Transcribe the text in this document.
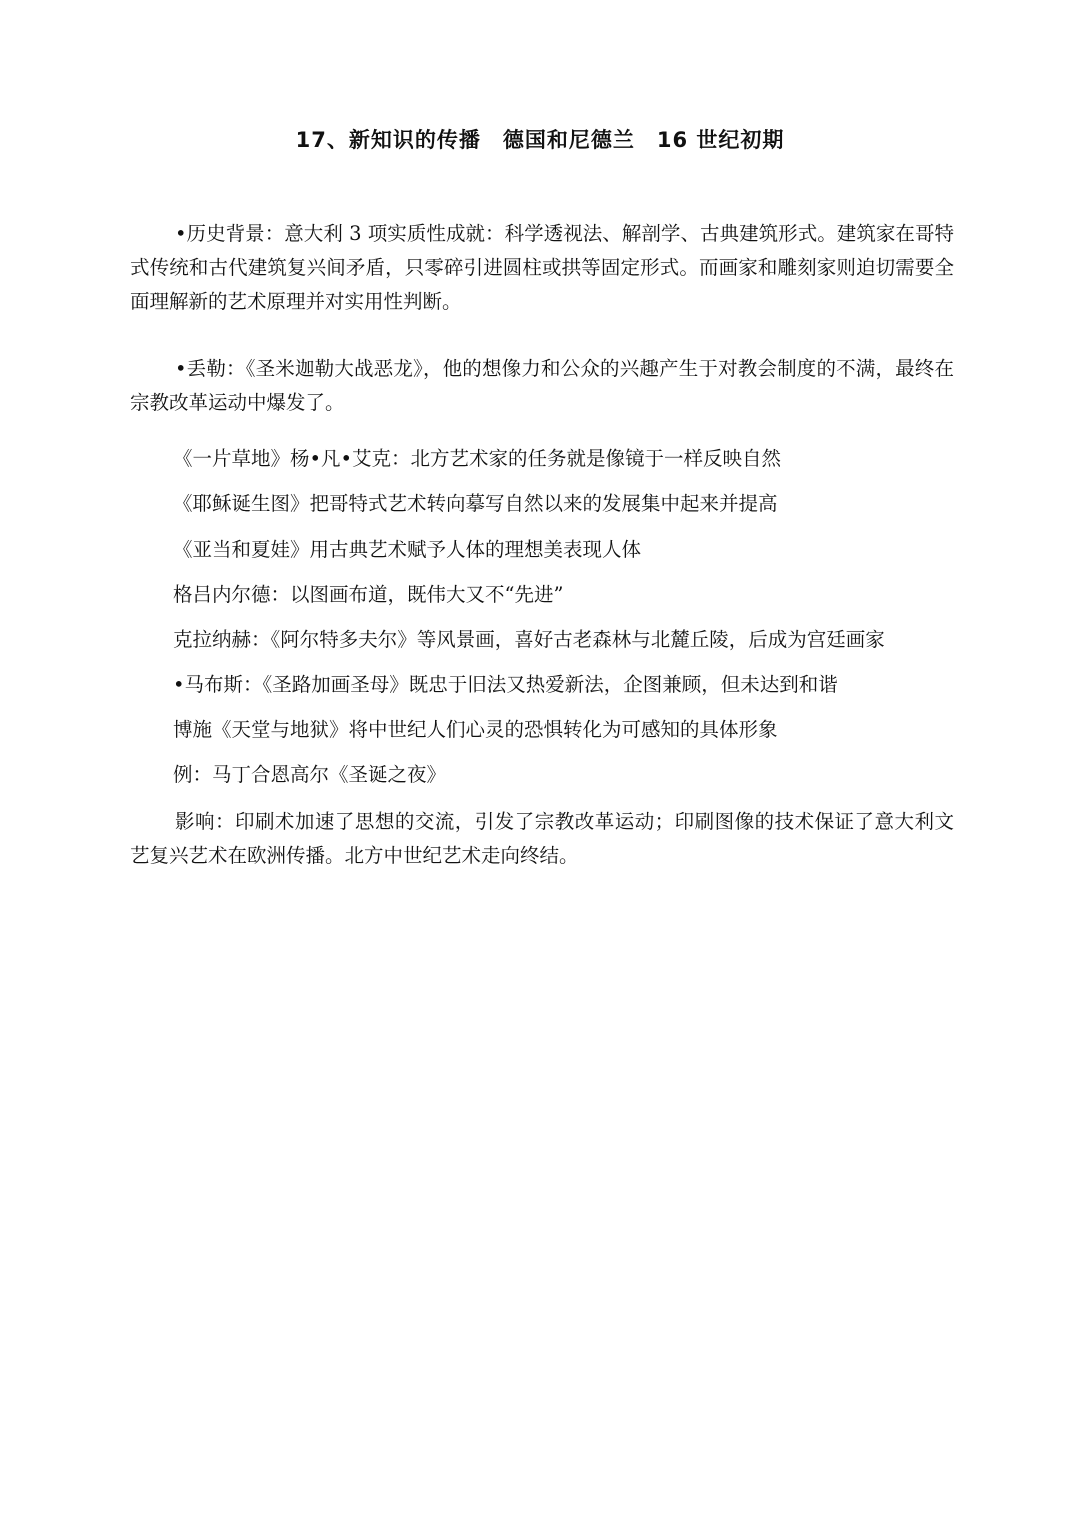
17、新知识的传播　德国和尼德兰　16 世纪初期
•历史背景：意大利 3 项实质性成就：科学透视法、解剖学、古典建筑形式。建筑家在哥特式传统和古代建筑复兴间矛盾，只零碎引进圆柱或拱等固定形式。而画家和雕刻家则迫切需要全面理解新的艺术原理并对实用性判断。
•丢勒：《圣米迦勒大战恶龙》，他的想像力和公众的兴趣产生于对教会制度的不满，最终在宗教改革运动中爆发了。
《一片草地》杨•凡•艾克：北方艺术家的任务就是像镜于一样反映自然
《耶稣诞生图》把哥特式艺术转向摹写自然以来的发展集中起来并提高
《亚当和夏娃》用古典艺术赋予人体的理想美表现人体
格吕内尔德：以图画布道，既伟大又不“先进”
克拉纳赫：《阿尔特多夫尔》等风景画，喜好古老森林与北麓丘陵，后成为宫廷画家
•马布斯：《圣路加画圣母》既忠于旧法又热爱新法，企图兼顾，但未达到和谐
博施《天堂与地狱》将中世纪人们心灵的恐惧转化为可感知的具体形象
例：马丁合恩高尔《圣诞之夜》
影响：印刷术加速了思想的交流，引发了宗教改革运动；印刷图像的技术保证了意大利文艺复兴艺术在欧洲传播。北方中世纪艺术走向终结。
